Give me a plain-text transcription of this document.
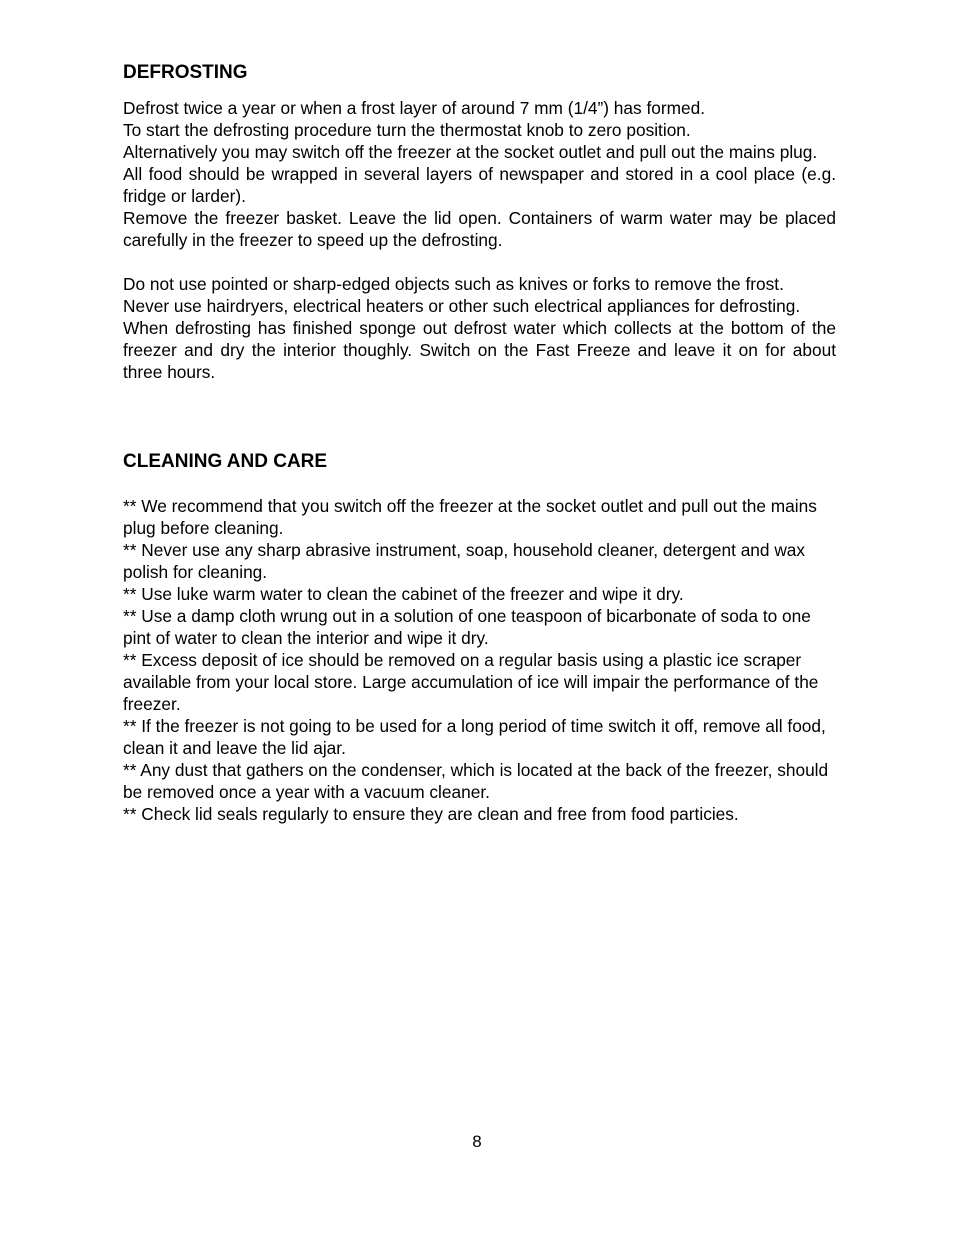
DEFROSTING

Defrost twice a year or when a frost layer of around 7 mm (1/4”) has formed.

To start the defrosting procedure turn the thermostat knob to zero position.

Alternatively you may switch off the freezer at the socket outlet and pull out the mains plug.

All food should be wrapped in several layers of newspaper and stored in a cool place (e.g. fridge or larder).

Remove the freezer basket. Leave the lid open. Containers of warm water may be placed carefully in the freezer to speed up the defrosting.

Do not use pointed or sharp-edged objects such as knives or forks to remove the frost.

Never use hairdryers, electrical heaters or other such electrical appliances for defrosting.

When defrosting has finished sponge out defrost water which collects at the bottom of the freezer and dry the interior thoughly. Switch on the Fast Freeze and leave it on for about three hours.

CLEANING AND CARE

** We recommend that you switch off the freezer at the socket outlet and pull out the mains plug before cleaning.

** Never use any sharp abrasive instrument, soap, household cleaner, detergent and wax polish for cleaning.

** Use luke warm water to clean the cabinet of the freezer and wipe it dry.

** Use a damp cloth wrung out in a solution of one teaspoon of bicarbonate of soda to one pint of water to clean the interior and wipe it dry.

** Excess deposit of ice should be removed on a regular basis using a plastic ice scraper available from your local store. Large accumulation of ice will impair the performance of the freezer.

** If the freezer is not going to be used for a long period of time switch it off, remove all food, clean it and leave the lid ajar.

** Any dust that gathers on the condenser, which is located at the back of the freezer, should be removed once a year with a vacuum cleaner.

** Check lid seals regularly to ensure they are clean and free from food particies.

8
